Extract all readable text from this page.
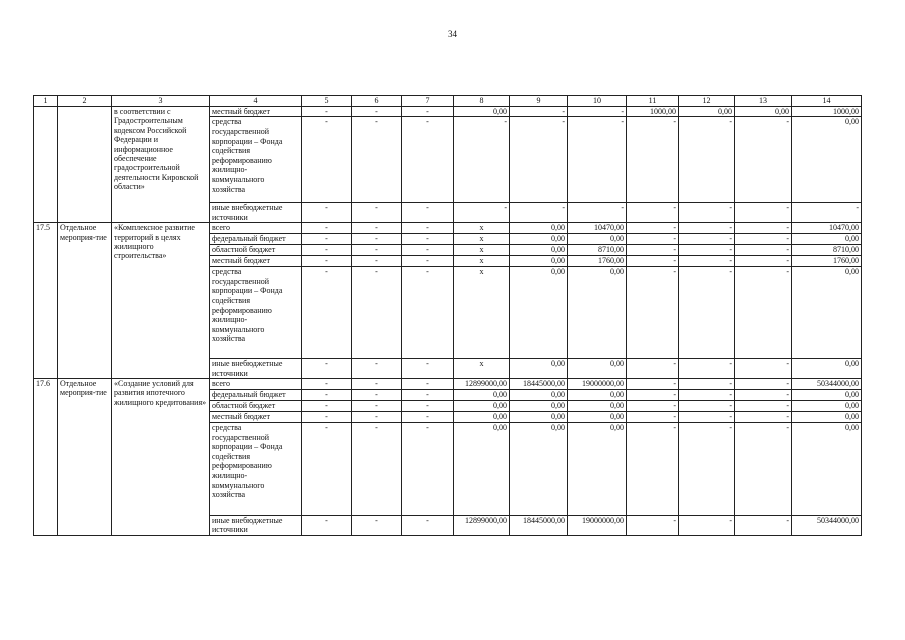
34
1	2	3	4	5	6	7	8	9	10	11	12	13	14
		в соответствии с Градостроительным кодексом Российской Федерации и информационное обеспечение градостроительной деятельности Кировской области»	местный бюджет	-	-	-	0,00	-	-	1000,00	0,00	0,00	1000,00
			средства государственной корпорации – Фонда содействия реформированию жилищно-коммунального хозяйства	-	-	-	-	-	-	-	-	-	0,00
			иные внебюджетные источники	-	-	-	-	-	-	-	-	-	-
17.5	Отдельное мероприя-тие	«Комплексное развитие территорий в целях жилищного строительства»	всего	-	-	-	x	0,00	10470,00	-	-	-	10470,00
			федеральный бюджет	-	-	-	x	0,00	0,00	-	-	-	0,00
			областной бюджет	-	-	-	x	0,00	8710,00	-	-	-	8710,00
			местный бюджет	-	-	-	x	0,00	1760,00	-	-	-	1760,00
			средства государственной корпорации – Фонда содействия реформированию жилищно-коммунального хозяйства	-	-	-	x	0,00	0,00	-	-	-	0,00
			иные внебюджетные источники	-	-	-	x	0,00	0,00	-	-	-	0,00
17.6	Отдельное мероприя-тие	«Создание условий для развития ипотечного жилищного кредитования»	всего	-	-	-	12899000,00	18445000,00	19000000,00	-	-	-	50344000,00
			федеральный бюджет	-	-	-	0,00	0,00	0,00	-	-	-	0,00
			областной бюджет	-	-	-	0,00	0,00	0,00	-	-	-	0,00
			местный бюджет	-	-	-	0,00	0,00	0,00	-	-	-	0,00
			средства государственной корпорации – Фонда содействия реформированию жилищно-коммунального хозяйства	-	-	-	0,00	0,00	0,00	-	-	-	0,00
			иные внебюджетные источники	-	-	-	12899000,00	18445000,00	19000000,00	-	-	-	50344000,00
